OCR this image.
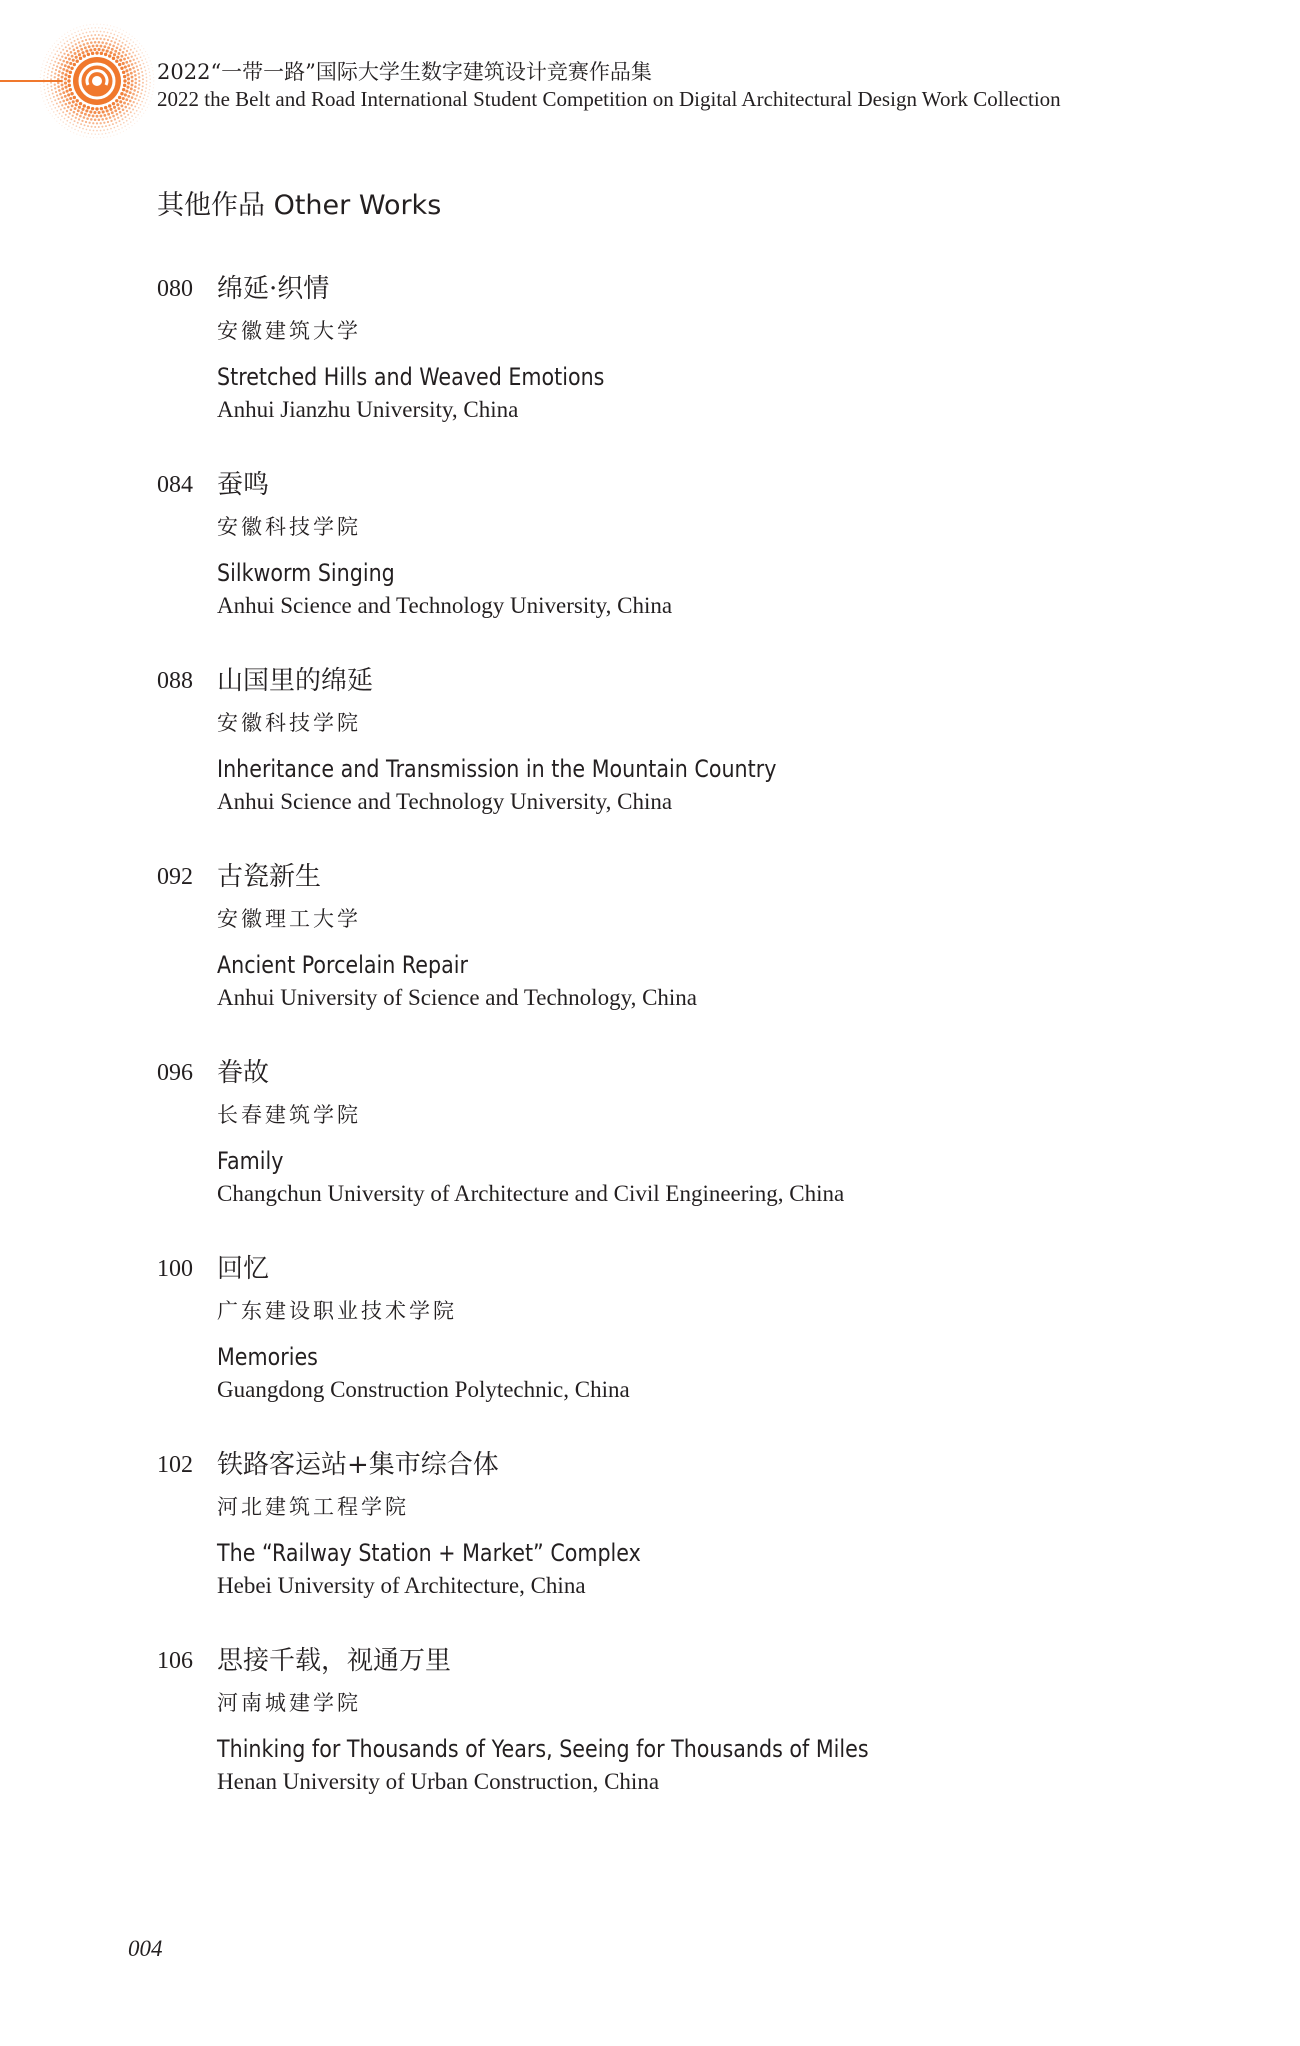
2022“一带一路”国际大学生数字建筑设计竞赛作品集
2022 the Belt and Road International Student Competition on Digital Architectural Design Work Collection
其他作品 Other Works
080 绵延·织情
安徽建筑大学
Stretched Hills and Weaved Emotions
Anhui Jianzhu University, China
084 蚕鸣
安徽科技学院
Silkworm Singing
Anhui Science and Technology University, China
088 山国里的绵延
安徽科技学院
Inheritance and Transmission in the Mountain Country
Anhui Science and Technology University, China
092 古瓷新生
安徽理工大学
Ancient Porcelain Repair
Anhui University of Science and Technology, China
096 眷故
长春建筑学院
Family
Changchun University of Architecture and Civil Engineering, China
100 回忆
广东建设职业技术学院
Memories
Guangdong Construction Polytechnic, China
102 铁路客运站+集市综合体
河北建筑工程学院
The “Railway Station + Market” Complex
Hebei University of Architecture, China
106 思接千载，视通万里
河南城建学院
Thinking for Thousands of Years, Seeing for Thousands of Miles
Henan University of Urban Construction, China
004
